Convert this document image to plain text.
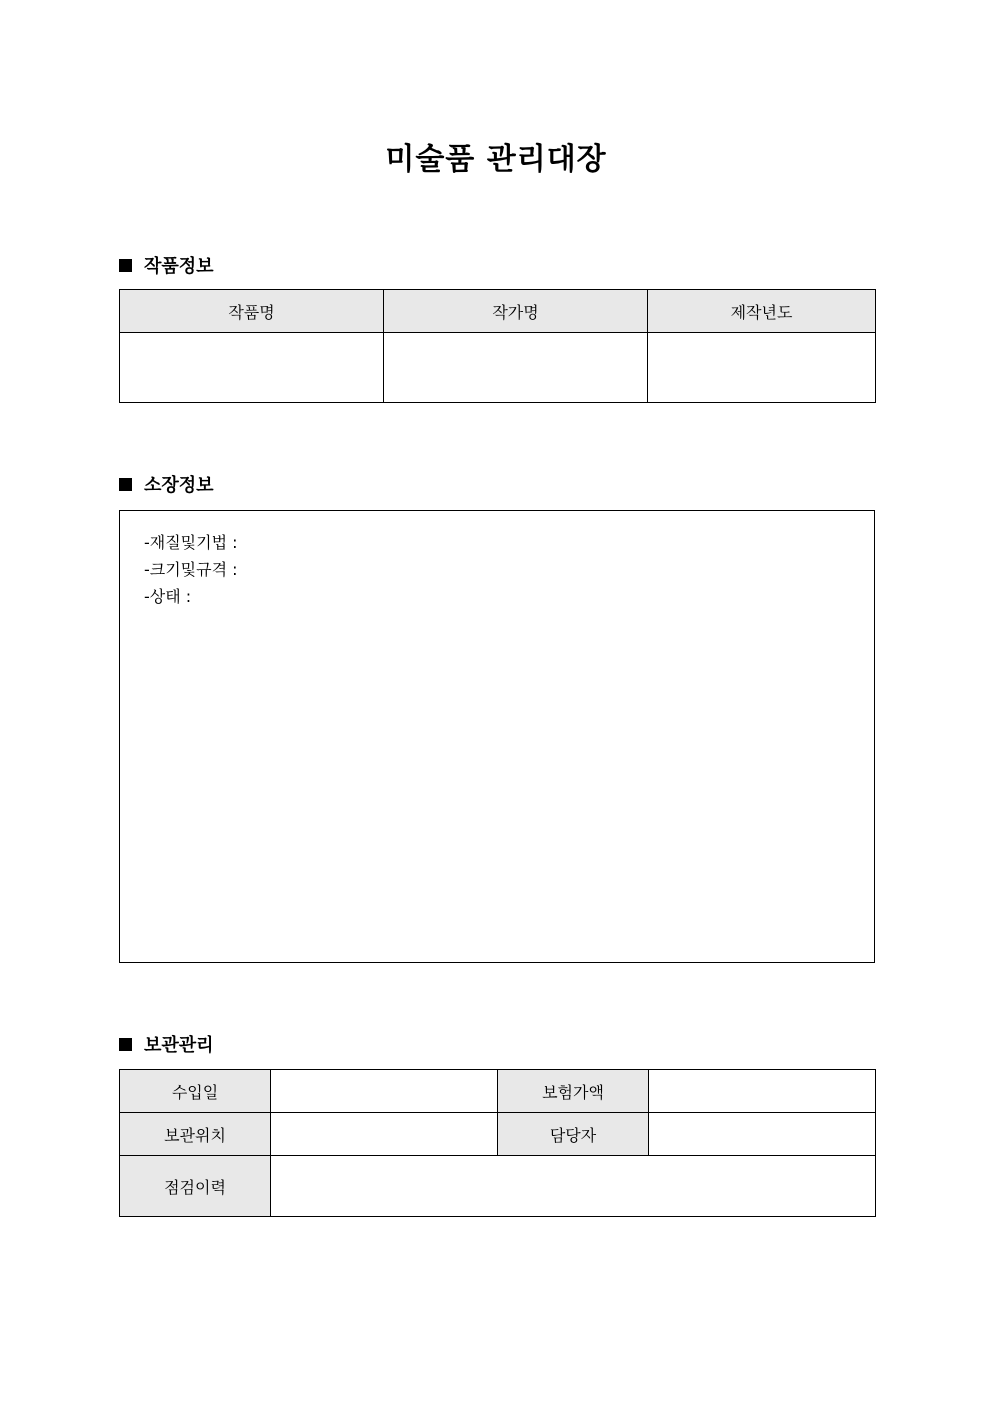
미술품 관리대장
작품정보
작품명	작가명	제작년도

소장정보
-재질및기법 :
-크기및규격 :
-상태 :
보관관리
수입일		보험가액	
보관위치		담당자	
점검이력			
